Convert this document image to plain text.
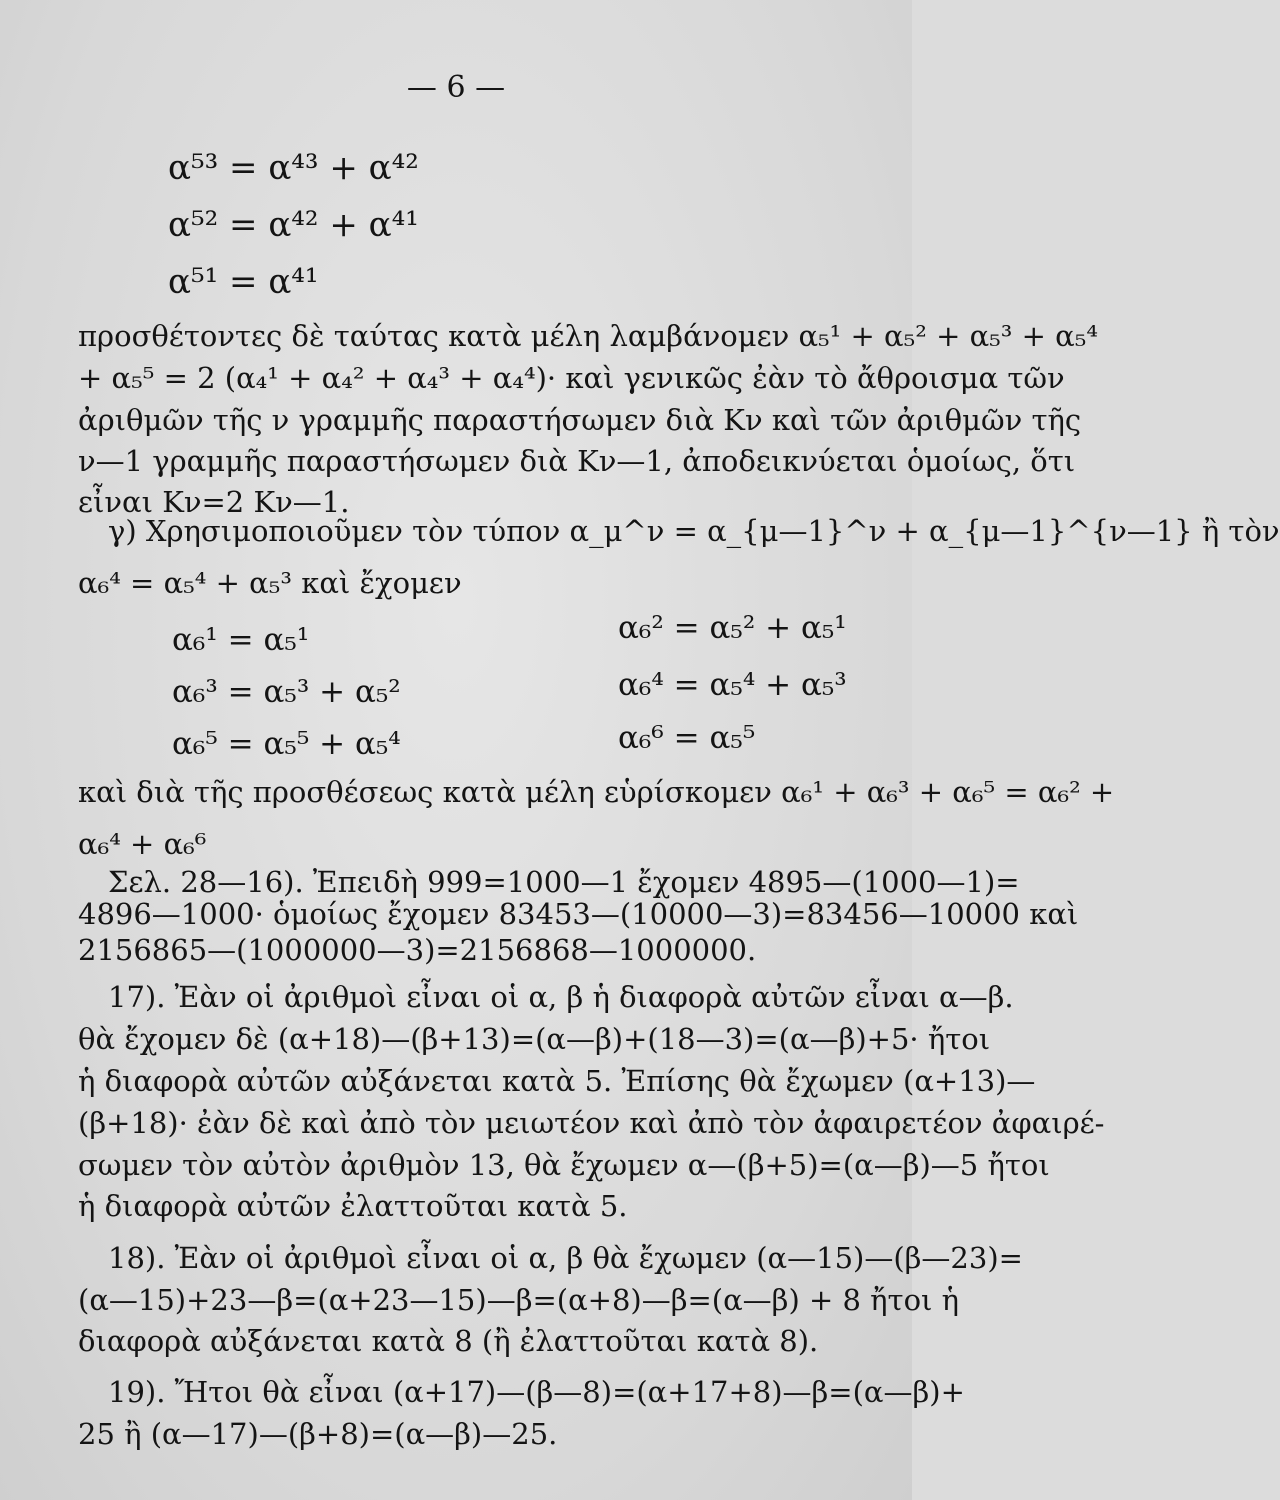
— 6 —
α⁵³ = α⁴³ + α⁴²
α⁵² = α⁴² + α⁴¹
α⁵¹ = α⁴¹
προσθέτοντες δὲ ταύτας κατὰ μέλη λαμβάνομεν α₅¹ + α₅² + α₅³ + α₅⁴
+ α₅⁵ = 2 (α₄¹ + α₄² + α₄³ + α₄⁴)· καὶ γενικῶς ἐὰν τὸ ἄθροισμα τῶν
ἀριθμῶν τῆς ν γραμμῆς παραστήσωμεν διὰ Κν καὶ τῶν ἀριθμῶν τῆς
ν—1 γραμμῆς παραστήσωμεν διὰ Κν—1, ἀποδεικνύεται ὁμοίως, ὅτι
εἶναι Κν=2 Κν—1.
γ) Χρησιμοποιοῦμεν τὸν τύπον α_μ^ν = α_{μ—1}^ν + α_{μ—1}^{ν—1} ἢ τὸν
α₆⁴ = α₅⁴ + α₅³ καὶ ἔχομεν
α₆¹ = α₅¹
α₆³ = α₅³ + α₅²
α₆⁵ = α₅⁵ + α₅⁴
α₆² = α₅² + α₅¹
α₆⁴ = α₅⁴ + α₅³
α₆⁶ = α₅⁵
καὶ διὰ τῆς προσθέσεως κατὰ μέλη εὑρίσκομεν α₆¹ + α₆³ + α₆⁵ = α₆² +
α₆⁴ + α₆⁶
Σελ. 28—16). Ἐπειδὴ 999=1000—1 ἔχομεν 4895—(1000—1)=
4896—1000· ὁμοίως ἔχομεν 83453—(10000—3)=83456—10000 καὶ
2156865—(1000000—3)=2156868—1000000.
17). Ἐὰν οἱ ἀριθμοὶ εἶναι οἱ α, β ἡ διαφορὰ αὐτῶν εἶναι α—β.
θὰ ἔχομεν δὲ (α+18)—(β+13)=(α—β)+(18—3)=(α—β)+5· ἤτοι
ἡ διαφορὰ αὐτῶν αὐξάνεται κατὰ 5. Ἐπίσης θὰ ἔχωμεν (α+13)—
(β+18)· ἐὰν δὲ καὶ ἀπὸ τὸν μειωτέον καὶ ἀπὸ τὸν ἀφαιρετέον ἀφαιρέ-
σωμεν τὸν αὐτὸν ἀριθμὸν 13, θὰ ἔχωμεν α—(β+5)=(α—β)—5 ἤτοι
ἡ διαφορὰ αὐτῶν ἐλαττοῦται κατὰ 5.
18). Ἐὰν οἱ ἀριθμοὶ εἶναι οἱ α, β θὰ ἔχωμεν (α—15)—(β—23)=
(α—15)+23—β=(α+23—15)—β=(α+8)—β=(α—β) + 8 ἤτοι ἡ
διαφορὰ αὐξάνεται κατὰ 8 (ἢ ἐλαττοῦται κατὰ 8).
19). Ἤτοι θὰ εἶναι (α+17)—(β—8)=(α+17+8)—β=(α—β)+
25 ἢ (α—17)—(β+8)=(α—β)—25.
